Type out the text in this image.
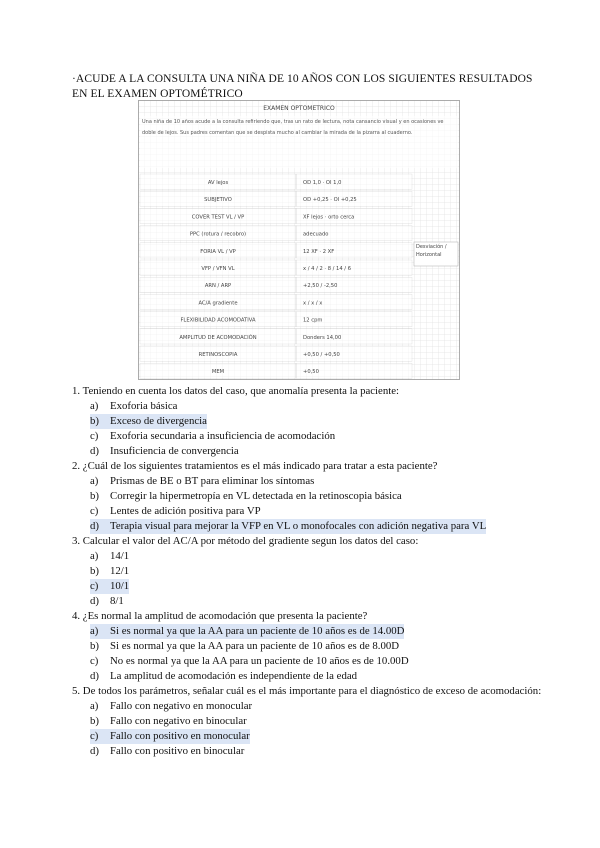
·ACUDE A LA CONSULTA UNA NIÑA DE 10 AÑOS CON LOS SIGUIENTES RESULTADOS EN EL EXAMEN OPTOMÉTRICO
EXAMEN OPTOMETRICO
Una niña de 10 años acude a la consulta refiriendo que, tras un rato de lectura, nota cansancio visual y en ocasiones ve doble de lejos. Sus padres comentan que se despista mucho al cambiar la mirada de la pizarra al cuaderno.
AV lejos	OD 1,0 · OI 1,0
SUBJETIVO	OD +0,25 · OI +0,25
COVER TEST VL / VP	XF lejos · orto cerca
PPC (rotura / recobro)	adecuado
FORIA VL / VP	12 XF · 2 XF
VFP / VFN VL	x / 4 / 2 · 8 / 14 / 6
ARN / ARP	+2,50 / -2,50
AC/A gradiente	x / x / x
FLEXIBILIDAD ACOMODATIVA	12 cpm
AMPLITUD DE ACOMODACIÓN	Donders 14,00
RETINOSCOPIA	+0,50 / +0,50
MEM	+0,50
Desviación / Horizontal

1. Teniendo en cuenta los datos del caso, que anomalía presenta la paciente:

a)	Exoforia básica
b)	Exceso de divergencia
c)	Exoforia secundaria a insuficiencia de acomodación
d)	Insuficiencia de convergencia

2. ¿Cuál de los siguientes tratamientos es el más indicado para tratar a esta paciente?

a)	Prismas de BE o BT para eliminar los síntomas
b)	Corregir la hipermetropía en VL detectada en la retinoscopia básica
c)	Lentes de adición positiva para VP
d)	Terapia visual para mejorar la VFP en VL o monofocales con adición negativa para VL

3. Calcular el valor del AC/A por método del gradiente segun los datos del caso:

a)	14/1
b)	12/1
c)	10/1
d)	8/1

4. ¿Es normal la amplitud de acomodación que presenta la paciente?

a)	Si es normal ya que la AA para un paciente de 10 años es de 14.00D
b)	Si es normal ya que la AA para un paciente de 10 años es de 8.00D
c)	No es normal ya que la AA para un paciente de 10 años es de 10.00D
d)	La amplitud de acomodación es independiente de la edad

5. De todos los parámetros, señalar cuál es el más importante para el diagnóstico de exceso de acomodación:

a)	Fallo con negativo en monocular
b)	Fallo con negativo en binocular
c)	Fallo con positivo en monocular
d)	Fallo con positivo en binocular
